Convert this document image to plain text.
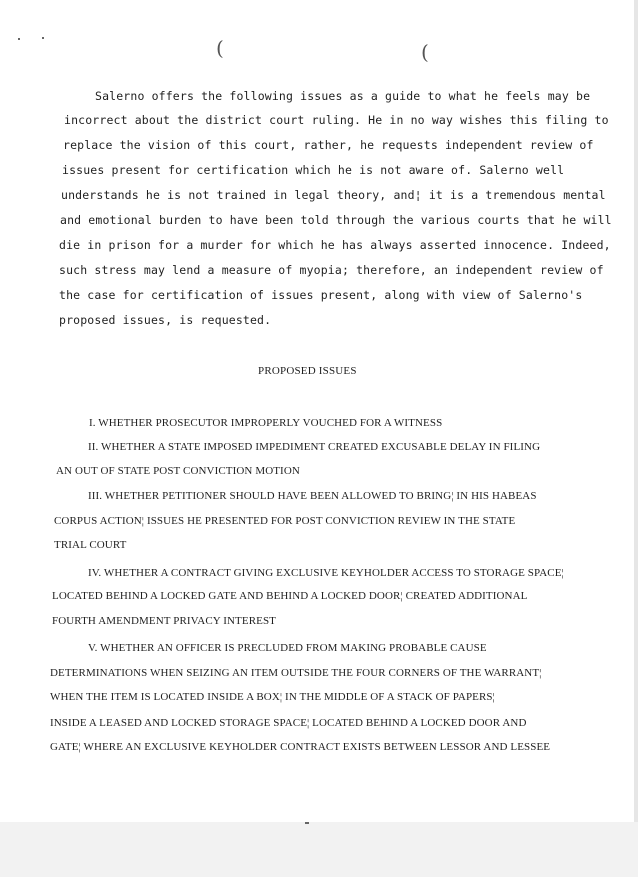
(	(
Salerno offers the following issues as a guide to what he feels may be
incorrect about the district court ruling. He in no way wishes this filing to
replace the vision of this court, rather, he requests independent review of
issues present for certification which he is not aware of. Salerno well
understands he is not trained in legal theory, and¦ it is a tremendous mental
and emotional burden to have been told through the various courts that he will
die in prison for a murder for which he has always asserted innocence. Indeed,
such stress may lend a measure of myopia; therefore, an independent review of
the case for certification of issues present, along with view of Salerno's
proposed issues, is requested.
PROPOSED ISSUES
I. WHETHER PROSECUTOR IMPROPERLY VOUCHED FOR A WITNESS
II. WHETHER A STATE IMPOSED IMPEDIMENT CREATED EXCUSABLE DELAY IN FILING
AN OUT OF STATE POST CONVICTION MOTION
III. WHETHER PETITIONER SHOULD HAVE BEEN ALLOWED TO BRING¦ IN HIS HABEAS
CORPUS ACTION¦ ISSUES HE PRESENTED FOR POST CONVICTION REVIEW IN THE STATE
TRIAL COURT
IV. WHETHER A CONTRACT GIVING EXCLUSIVE KEYHOLDER ACCESS TO STORAGE SPACE¦
LOCATED BEHIND A LOCKED GATE AND BEHIND A LOCKED DOOR¦ CREATED ADDITIONAL
FOURTH AMENDMENT PRIVACY INTEREST
V. WHETHER AN OFFICER IS PRECLUDED FROM MAKING PROBABLE CAUSE
DETERMINATIONS WHEN SEIZING AN ITEM OUTSIDE THE FOUR CORNERS OF THE WARRANT¦
WHEN THE ITEM IS LOCATED INSIDE A BOX¦ IN THE MIDDLE OF A STACK OF PAPERS¦
INSIDE A LEASED AND LOCKED STORAGE SPACE¦ LOCATED BEHIND A LOCKED DOOR AND
GATE¦ WHERE AN EXCLUSIVE KEYHOLDER CONTRACT EXISTS BETWEEN LESSOR AND LESSEE
